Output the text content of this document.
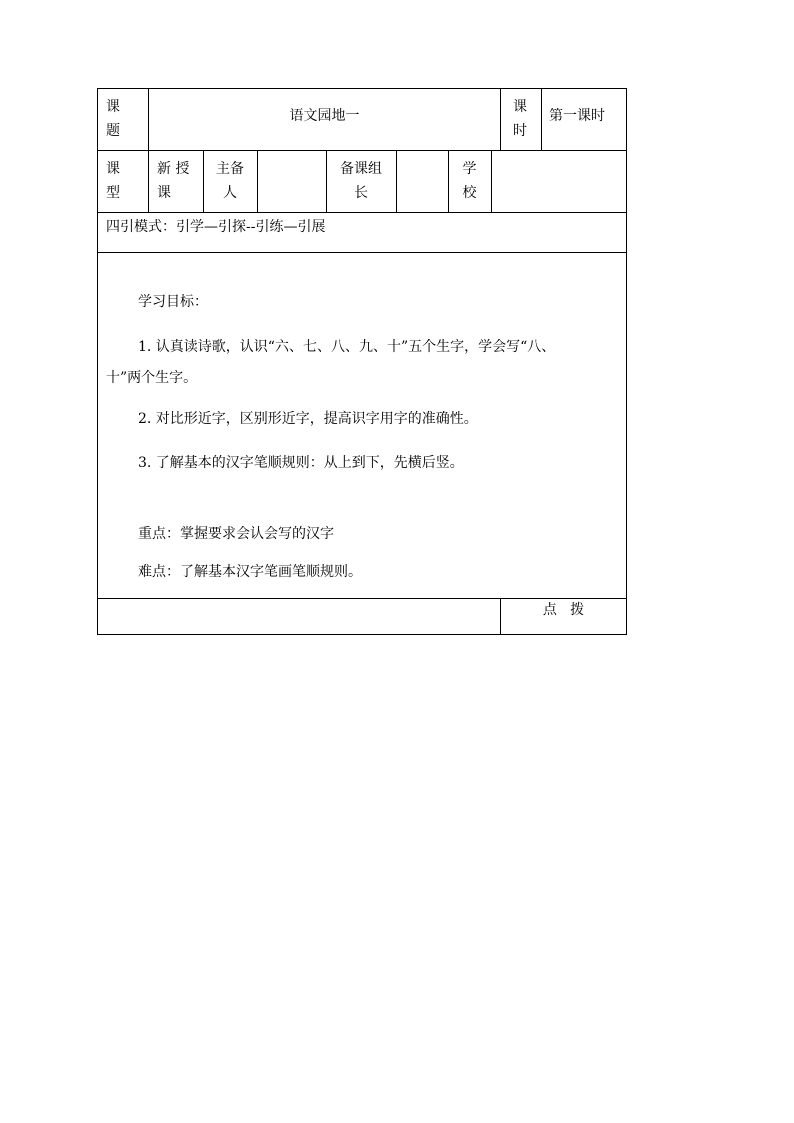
课
题
语文园地一
课
时
第一课时
课
型
新 授
课
主备
人
备课组
长
学
校
四引模式：引学—引探--引练—引展
学习目标：
1. 认真读诗歌，认识“六、七、八、九、十”五个生字，学会写“八、
十”两个生字。
2. 对比形近字，区别形近字，提高识字用字的准确性。
3. 了解基本的汉字笔顺规则：从上到下，先横后竖。
重点：掌握要求会认会写的汉字
难点：了解基本汉字笔画笔顺规则。
点   拨
